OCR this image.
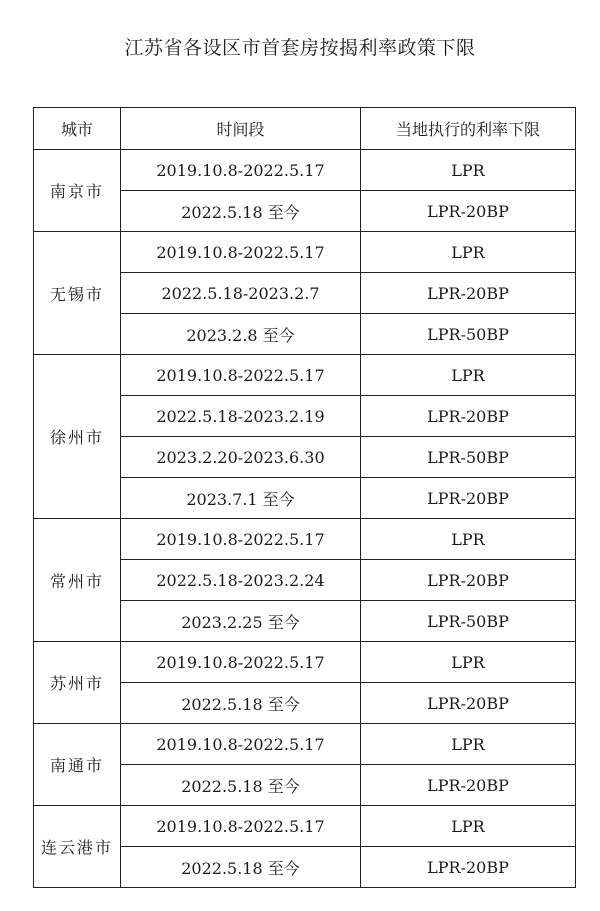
江苏省各设区市首套房按揭利率政策下限
城市	时间段	当地执行的利率下限
南京市	2019.10.8-2022.5.17	LPR
	2022.5.18 至今	LPR-20BP
无锡市	2019.10.8-2022.5.17	LPR
	2022.5.18-2023.2.7	LPR-20BP
	2023.2.8 至今	LPR-50BP
徐州市	2019.10.8-2022.5.17	LPR
	2022.5.18-2023.2.19	LPR-20BP
	2023.2.20-2023.6.30	LPR-50BP
	2023.7.1 至今	LPR-20BP
常州市	2019.10.8-2022.5.17	LPR
	2022.5.18-2023.2.24	LPR-20BP
	2023.2.25 至今	LPR-50BP
苏州市	2019.10.8-2022.5.17	LPR
	2022.5.18 至今	LPR-20BP
南通市	2019.10.8-2022.5.17	LPR
	2022.5.18 至今	LPR-20BP
连云港市	2019.10.8-2022.5.17	LPR
	2022.5.18 至今	LPR-20BP
